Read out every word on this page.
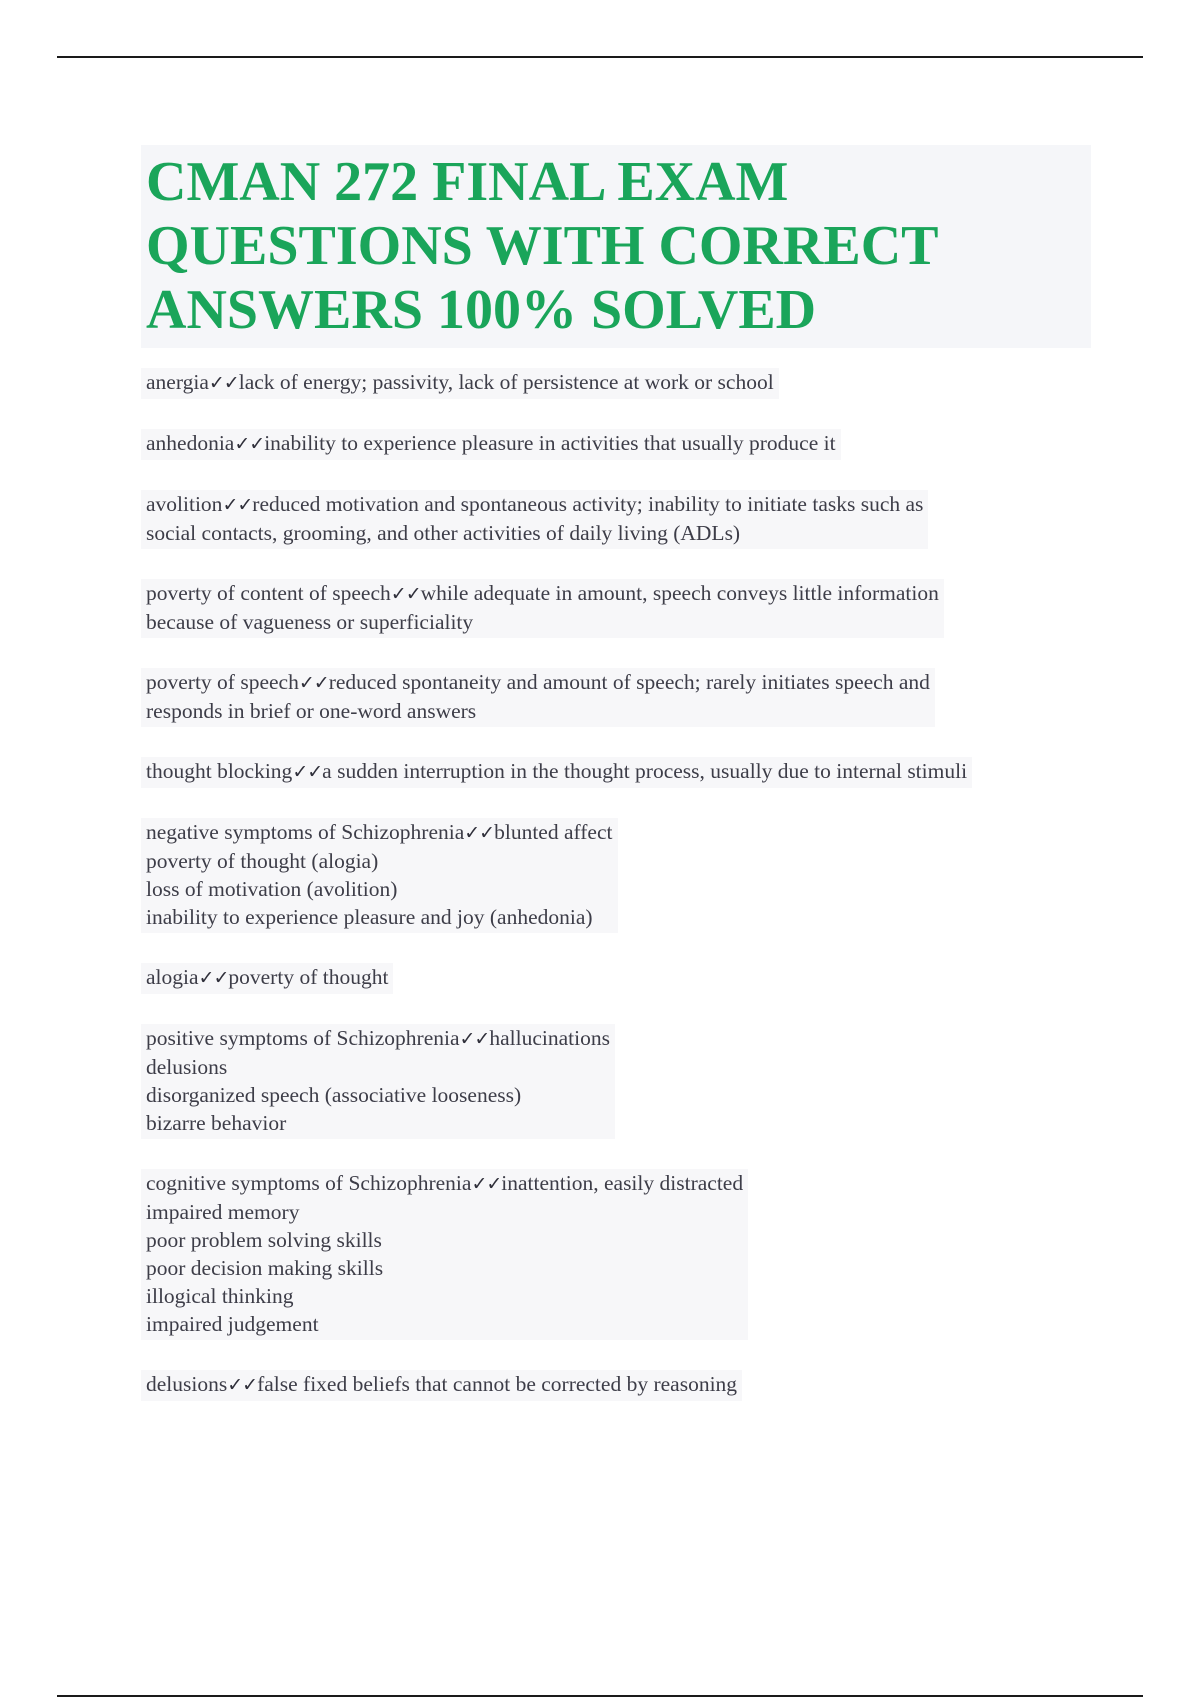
CMAN 272 FINAL EXAM
QUESTIONS WITH CORRECT
ANSWERS 100% SOLVED
anergia✓✓lack of energy; passivity, lack of persistence at work or school
anhedonia✓✓inability to experience pleasure in activities that usually produce it
avolition✓✓reduced motivation and spontaneous activity; inability to initiate tasks such as
social contacts, grooming, and other activities of daily living (ADLs)
poverty of content of speech✓✓while adequate in amount, speech conveys little information
because of vagueness or superficiality
poverty of speech✓✓reduced spontaneity and amount of speech; rarely initiates speech and
responds in brief or one-word answers
thought blocking✓✓a sudden interruption in the thought process, usually due to internal stimuli
negative symptoms of Schizophrenia✓✓blunted affect
poverty of thought (alogia)
loss of motivation (avolition)
inability to experience pleasure and joy (anhedonia)
alogia✓✓poverty of thought
positive symptoms of Schizophrenia✓✓hallucinations
delusions
disorganized speech (associative looseness)
bizarre behavior
cognitive symptoms of Schizophrenia✓✓inattention, easily distracted
impaired memory
poor problem solving skills
poor decision making skills
illogical thinking
impaired judgement
delusions✓✓false fixed beliefs that cannot be corrected by reasoning
